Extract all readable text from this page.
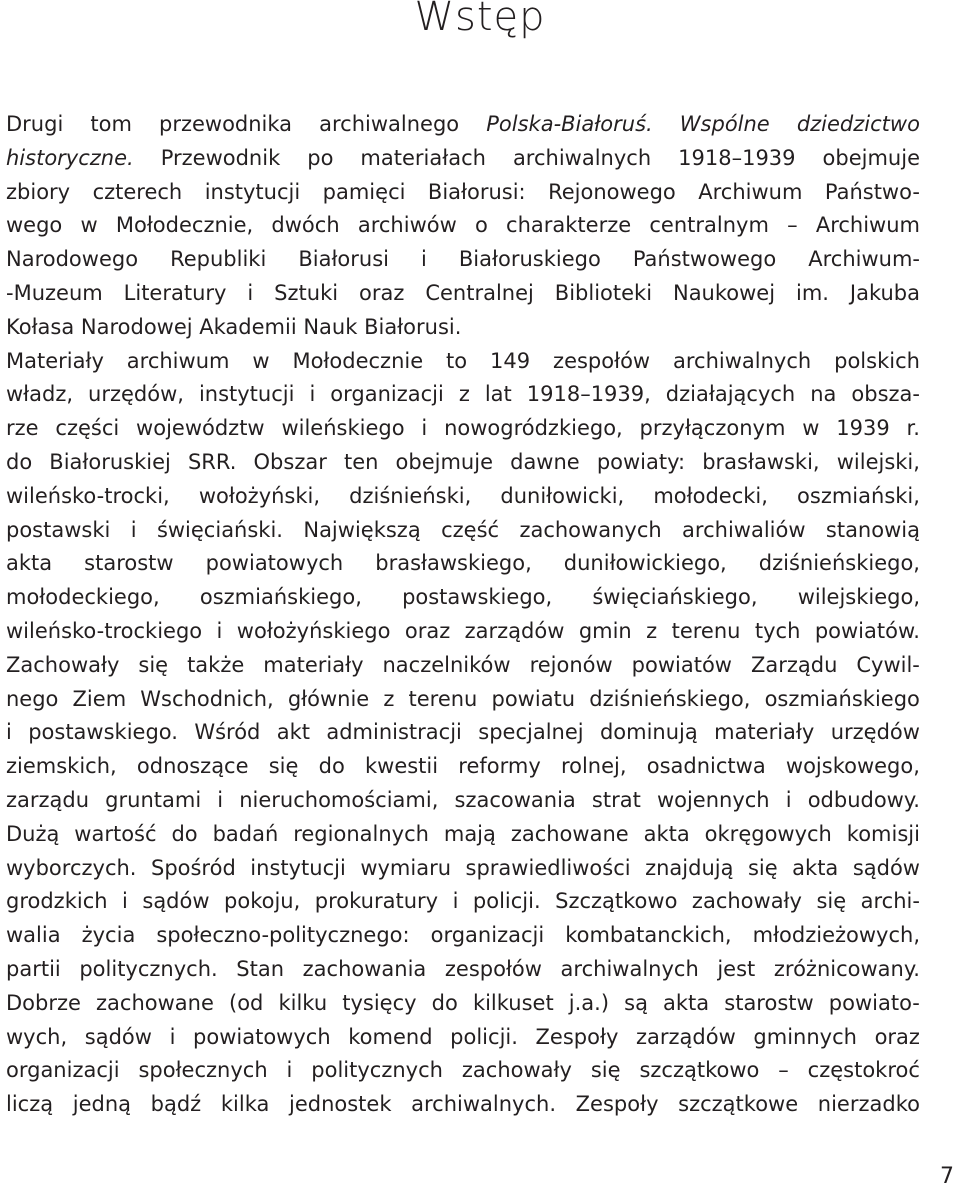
Wstęp
Drugi tom przewodnika archiwalnego Polska-Białoruś. Wspólne dziedzictwo
historyczne. Przewodnik po materiałach archiwalnych 1918–1939 obejmuje
zbiory czterech instytucji pamięci Białorusi: Rejonowego Archiwum Państwo-
wego w Mołodecznie, dwóch archiwów o charakterze centralnym – Archiwum
Narodowego Republiki Białorusi i Białoruskiego Państwowego Archiwum-
-Muzeum Literatury i Sztuki oraz Centralnej Biblioteki Naukowej im. Jakuba
Kołasa Narodowej Akademii Nauk Białorusi.
Materiały archiwum w Mołodecznie to 149 zespołów archiwalnych polskich
władz, urzędów, instytucji i organizacji z lat 1918–1939, działających na obsza-
rze części województw wileńskiego i nowogródzkiego, przyłączonym w 1939 r.
do Białoruskiej SRR. Obszar ten obejmuje dawne powiaty: brasławski, wilejski,
wileńsko-trocki, wołożyński, dziśnieński, duniłowicki, mołodecki, oszmiański,
postawski i święciański. Największą część zachowanych archiwaliów stanowią
akta starostw powiatowych brasławskiego, duniłowickiego, dziśnieńskiego,
mołodeckiego, oszmiańskiego, postawskiego, święciańskiego, wilejskiego,
wileńsko-trockiego i wołożyńskiego oraz zarządów gmin z terenu tych powiatów.
Zachowały się także materiały naczelników rejonów powiatów Zarządu Cywil-
nego Ziem Wschodnich, głównie z terenu powiatu dziśnieńskiego, oszmiańskiego
i postawskiego. Wśród akt administracji specjalnej dominują materiały urzędów
ziemskich, odnoszące się do kwestii reformy rolnej, osadnictwa wojskowego,
zarządu gruntami i nieruchomościami, szacowania strat wojennych i odbudowy.
Dużą wartość do badań regionalnych mają zachowane akta okręgowych komisji
wyborczych. Spośród instytucji wymiaru sprawiedliwości znajdują się akta sądów
grodzkich i sądów pokoju, prokuratury i policji. Szczątkowo zachowały się archi-
walia życia społeczno-politycznego: organizacji kombatanckich, młodzieżowych,
partii politycznych. Stan zachowania zespołów archiwalnych jest zróżnicowany.
Dobrze zachowane (od kilku tysięcy do kilkuset j.a.) są akta starostw powiato-
wych, sądów i powiatowych komend policji. Zespoły zarządów gminnych oraz
organizacji społecznych i politycznych zachowały się szczątkowo – częstokroć
liczą jedną bądź kilka jednostek archiwalnych. Zespoły szczątkowe nierzadko
7
